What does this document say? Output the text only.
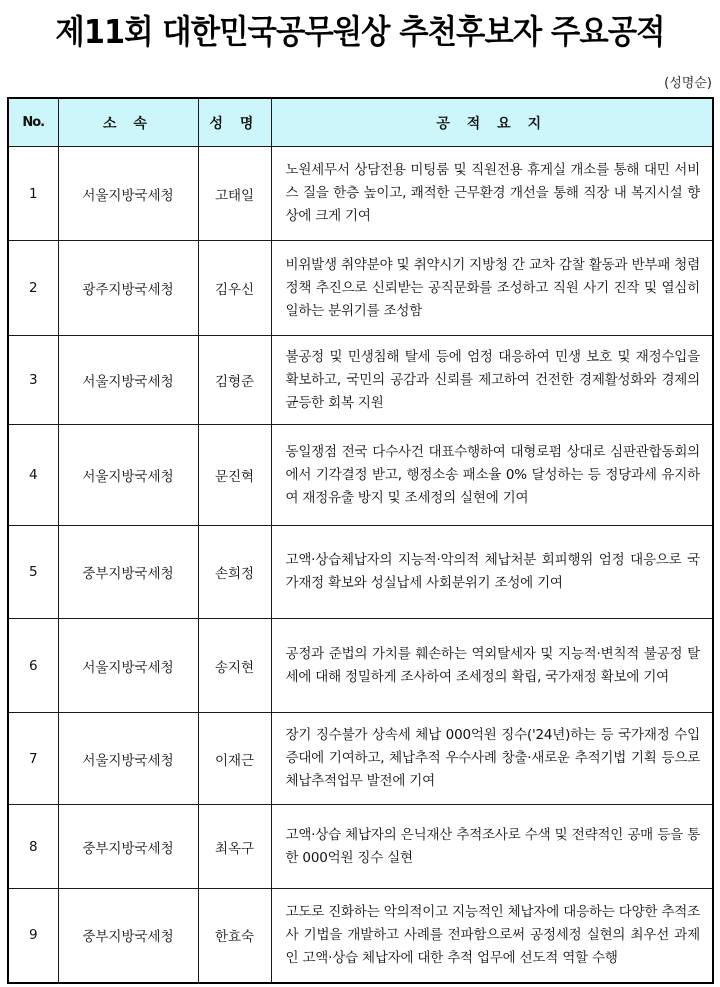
제11회 대한민국공무원상 추천후보자 주요공적
(성명순)
No.	소 속	성 명	공 적 요 지
1	서울지방국세청	고태일	노원세무서 상담전용 미팅룸 및 직원전용 휴게실 개소를 통해 대민 서비스 질을 한층 높이고, 쾌적한 근무환경 개선을 통해 직장 내 복지시설 향상에 크게 기여
2	광주지방국세청	김우신	비위발생 취약분야 및 취약시기 지방청 간 교차 감찰 활동과 반부패 청렴정책 추진으로 신뢰받는 공직문화를 조성하고 직원 사기 진작 및 열심히 일하는 분위기를 조성함
3	서울지방국세청	김형준	불공정 및 민생침해 탈세 등에 엄정 대응하여 민생 보호 및 재정수입을 확보하고, 국민의 공감과 신뢰를 제고하여 건전한 경제활성화와 경제의 균등한 회복 지원
4	서울지방국세청	문진혁	동일쟁점 전국 다수사건 대표수행하여 대형로펌 상대로 심판관합동회의에서 기각결정 받고, 행정소송 패소율 0% 달성하는 등 정당과세 유지하여 재정유출 방지 및 조세정의 실현에 기여
5	중부지방국세청	손희정	고액·상습체납자의 지능적·악의적 체납처분 회피행위 엄정 대응으로 국가재정 확보와 성실납세 사회분위기 조성에 기여
6	서울지방국세청	송지현	공정과 준법의 가치를 훼손하는 역외탈세자 및 지능적·변칙적 불공정 탈세에 대해 정밀하게 조사하여 조세정의 확립, 국가재정 확보에 기여
7	서울지방국세청	이재근	장기 징수불가 상속세 체납 000억원 징수('24년)하는 등 국가재정 수입 증대에 기여하고, 체납추적 우수사례 창출·새로운 추적기법 기획 등으로 체납추적업무 발전에 기여
8	중부지방국세청	최옥구	고액·상습 체납자의 은닉재산 추적조사로 수색 및 전략적인 공매 등을 통한 000억원 징수 실현
9	중부지방국세청	한효숙	고도로 진화하는 악의적이고 지능적인 체납자에 대응하는 다양한 추적조사 기법을 개발하고 사례를 전파함으로써 공정세정 실현의 최우선 과제인 고액·상습 체납자에 대한 추적 업무에 선도적 역할 수행
